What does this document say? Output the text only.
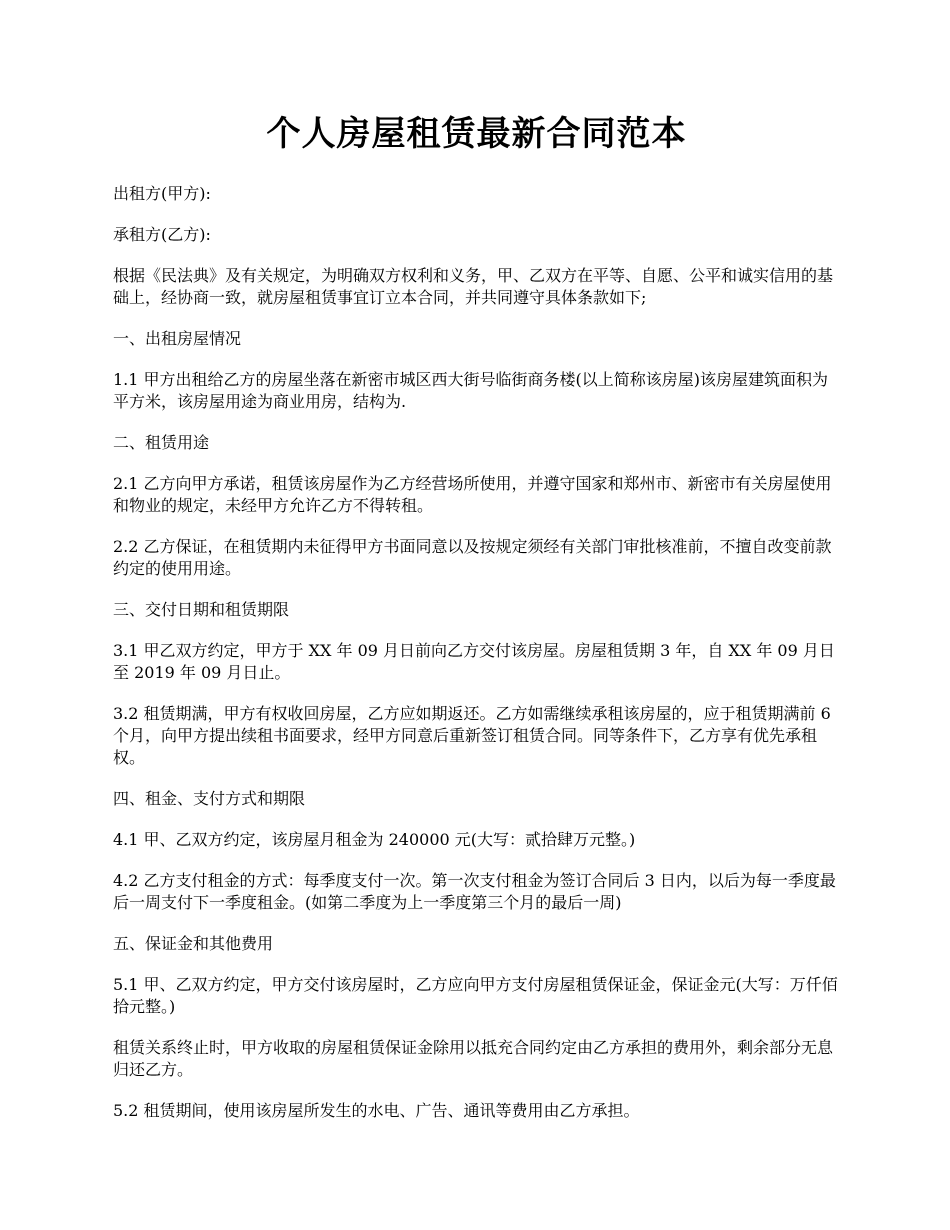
个人房屋租赁最新合同范本

出租方(甲方):

承租方(乙方):

根据《民法典》及有关规定，为明确双方权利和义务，甲、乙双方在平等、自愿、公平和诚实信用的基础上，经协商一致，就房屋租赁事宜订立本合同，并共同遵守具体条款如下;

一、出租房屋情况

1.1 甲方出租给乙方的房屋坐落在新密市城区西大街号临街商务楼(以上简称该房屋)该房屋建筑面积为平方米，该房屋用途为商业用房，结构为.

二、租赁用途

2.1 乙方向甲方承诺，租赁该房屋作为乙方经营场所使用，并遵守国家和郑州市、新密市有关房屋使用和物业的规定，未经甲方允许乙方不得转租。

2.2 乙方保证，在租赁期内未征得甲方书面同意以及按规定须经有关部门审批核准前，不擅自改变前款约定的使用用途。

三、交付日期和租赁期限

3.1 甲乙双方约定，甲方于 XX 年 09 月日前向乙方交付该房屋。房屋租赁期 3 年，自 XX 年 09 月日至 2019 年 09 月日止。

3.2 租赁期满，甲方有权收回房屋，乙方应如期返还。乙方如需继续承租该房屋的，应于租赁期满前 6 个月，向甲方提出续租书面要求，经甲方同意后重新签订租赁合同。同等条件下，乙方享有优先承租权。

四、租金、支付方式和期限

4.1 甲、乙双方约定，该房屋月租金为 240000 元(大写：贰拾肆万元整。)

4.2 乙方支付租金的方式：每季度支付一次。第一次支付租金为签订合同后 3 日内，以后为每一季度最后一周支付下一季度租金。(如第二季度为上一季度第三个月的最后一周)

五、保证金和其他费用

5.1 甲、乙双方约定，甲方交付该房屋时，乙方应向甲方支付房屋租赁保证金，保证金元(大写：万仟佰拾元整。)

租赁关系终止时，甲方收取的房屋租赁保证金除用以抵充合同约定由乙方承担的费用外，剩余部分无息归还乙方。

5.2 租赁期间，使用该房屋所发生的水电、广告、通讯等费用由乙方承担。
